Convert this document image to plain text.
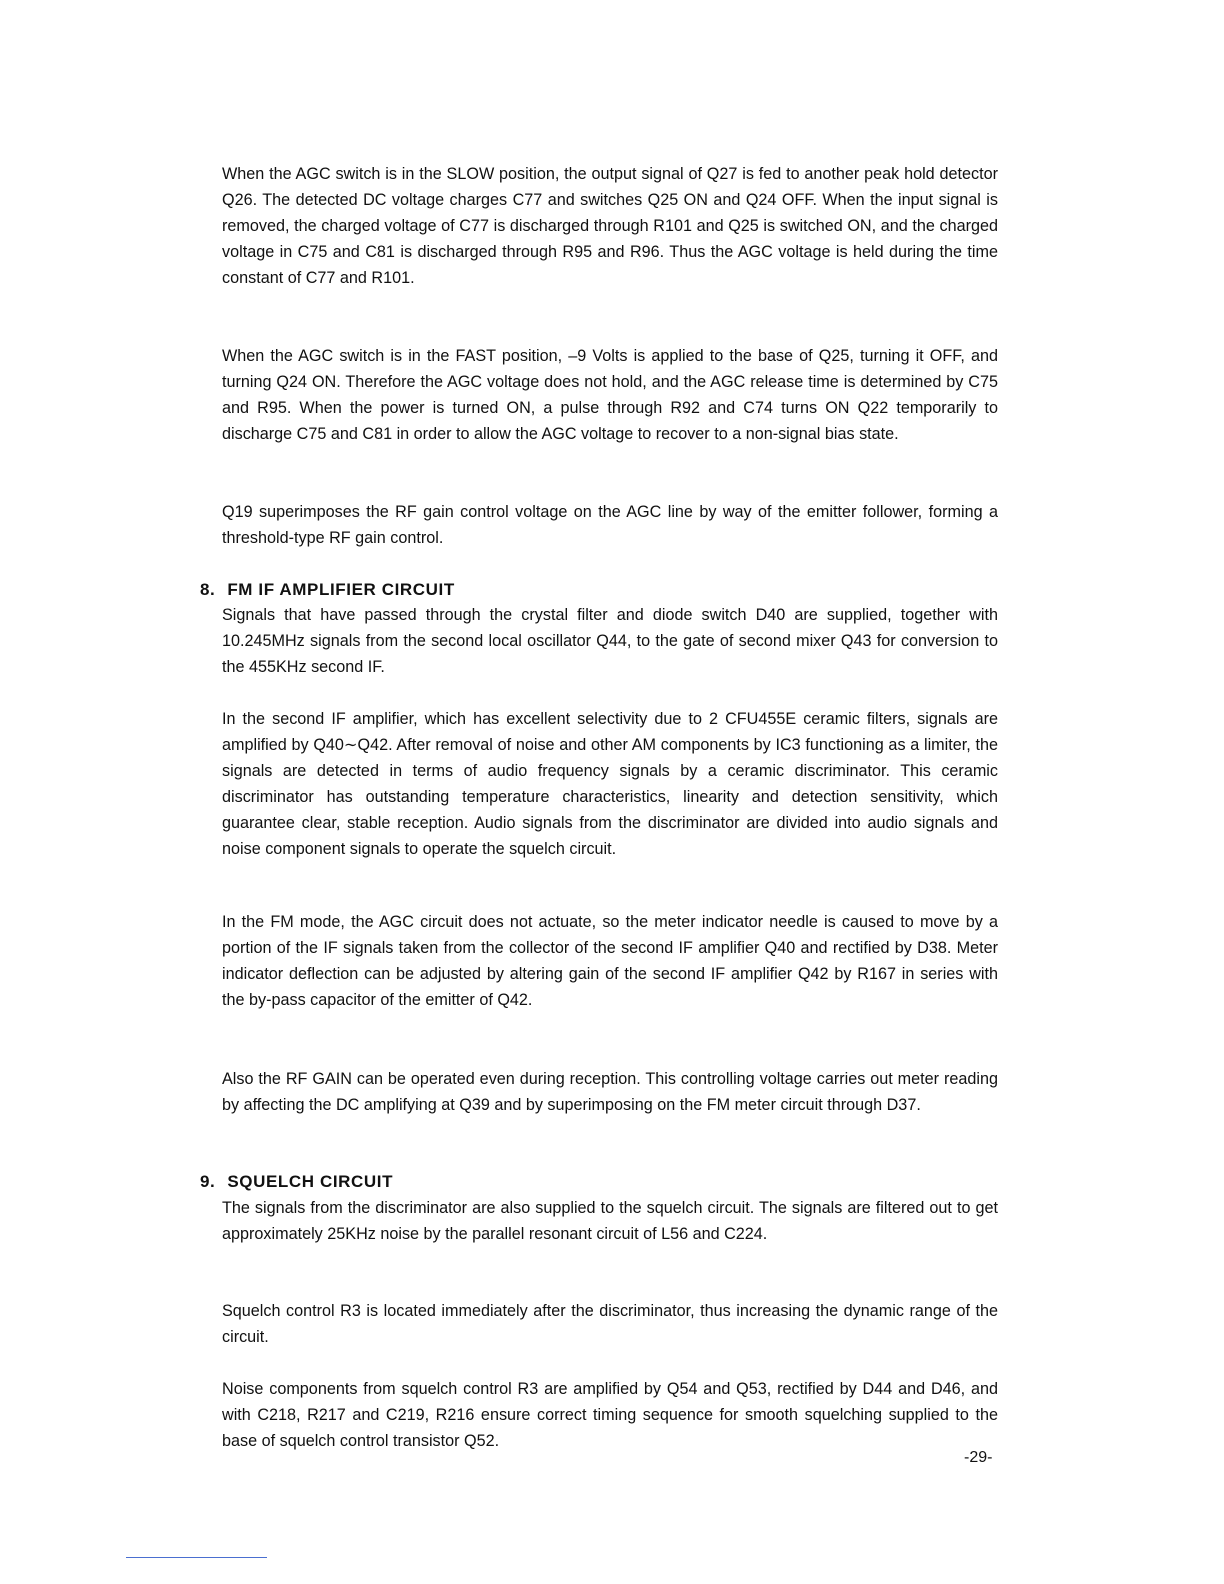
When the AGC switch is in the SLOW position, the output signal of Q27 is fed to another peak hold detector Q26. The detected DC voltage charges C77 and switches Q25 ON and Q24 OFF. When the input signal is removed, the charged voltage of C77 is discharged through R101 and Q25 is switched ON, and the charged voltage in C75 and C81 is discharged through R95 and R96. Thus the AGC voltage is held during the time constant of C77 and R101.

When the AGC switch is in the FAST position, –9 Volts is applied to the base of Q25, turning it OFF, and turning Q24 ON. Therefore the AGC voltage does not hold, and the AGC release time is determined by C75 and R95. When the power is turned ON, a pulse through R92 and C74 turns ON Q22 temporarily to discharge C75 and C81 in order to allow the AGC voltage to recover to a non-signal bias state.

Q19 superimposes the RF gain control voltage on the AGC line by way of the emitter follower, forming a threshold-type RF gain control.

8. FM IF AMPLIFIER CIRCUIT

Signals that have passed through the crystal filter and diode switch D40 are supplied, together with 10.245MHz signals from the second local oscillator Q44, to the gate of second mixer Q43 for conversion to the 455KHz second IF.

In the second IF amplifier, which has excellent selectivity due to 2 CFU455E ceramic filters, signals are amplified by Q40∼Q42. After removal of noise and other AM components by IC3 functioning as a limiter, the signals are detected in terms of audio frequency signals by a ceramic discriminator. This ceramic discriminator has outstanding temperature characteristics, linearity and detection sensitivity, which guarantee clear, stable reception. Audio signals from the discriminator are divided into audio signals and noise component signals to operate the squelch circuit.

In the FM mode, the AGC circuit does not actuate, so the meter indicator needle is caused to move by a portion of the IF signals taken from the collector of the second IF amplifier Q40 and rectified by D38. Meter indicator deflection can be adjusted by altering gain of the second IF amplifier Q42 by R167 in series with the by-pass capacitor of the emitter of Q42.

Also the RF GAIN can be operated even during reception. This controlling voltage carries out meter reading by affecting the DC amplifying at Q39 and by superimposing on the FM meter circuit through D37.

9. SQUELCH CIRCUIT

The signals from the discriminator are also supplied to the squelch circuit. The signals are filtered out to get approximately 25KHz noise by the parallel resonant circuit of L56 and C224.

Squelch control R3 is located immediately after the discriminator, thus increasing the dynamic range of the circuit.

Noise components from squelch control R3 are amplified by Q54 and Q53, rectified by D44 and D46, and with C218, R217 and C219, R216 ensure correct timing sequence for smooth squelching supplied to the base of squelch control transistor Q52.

-29-
